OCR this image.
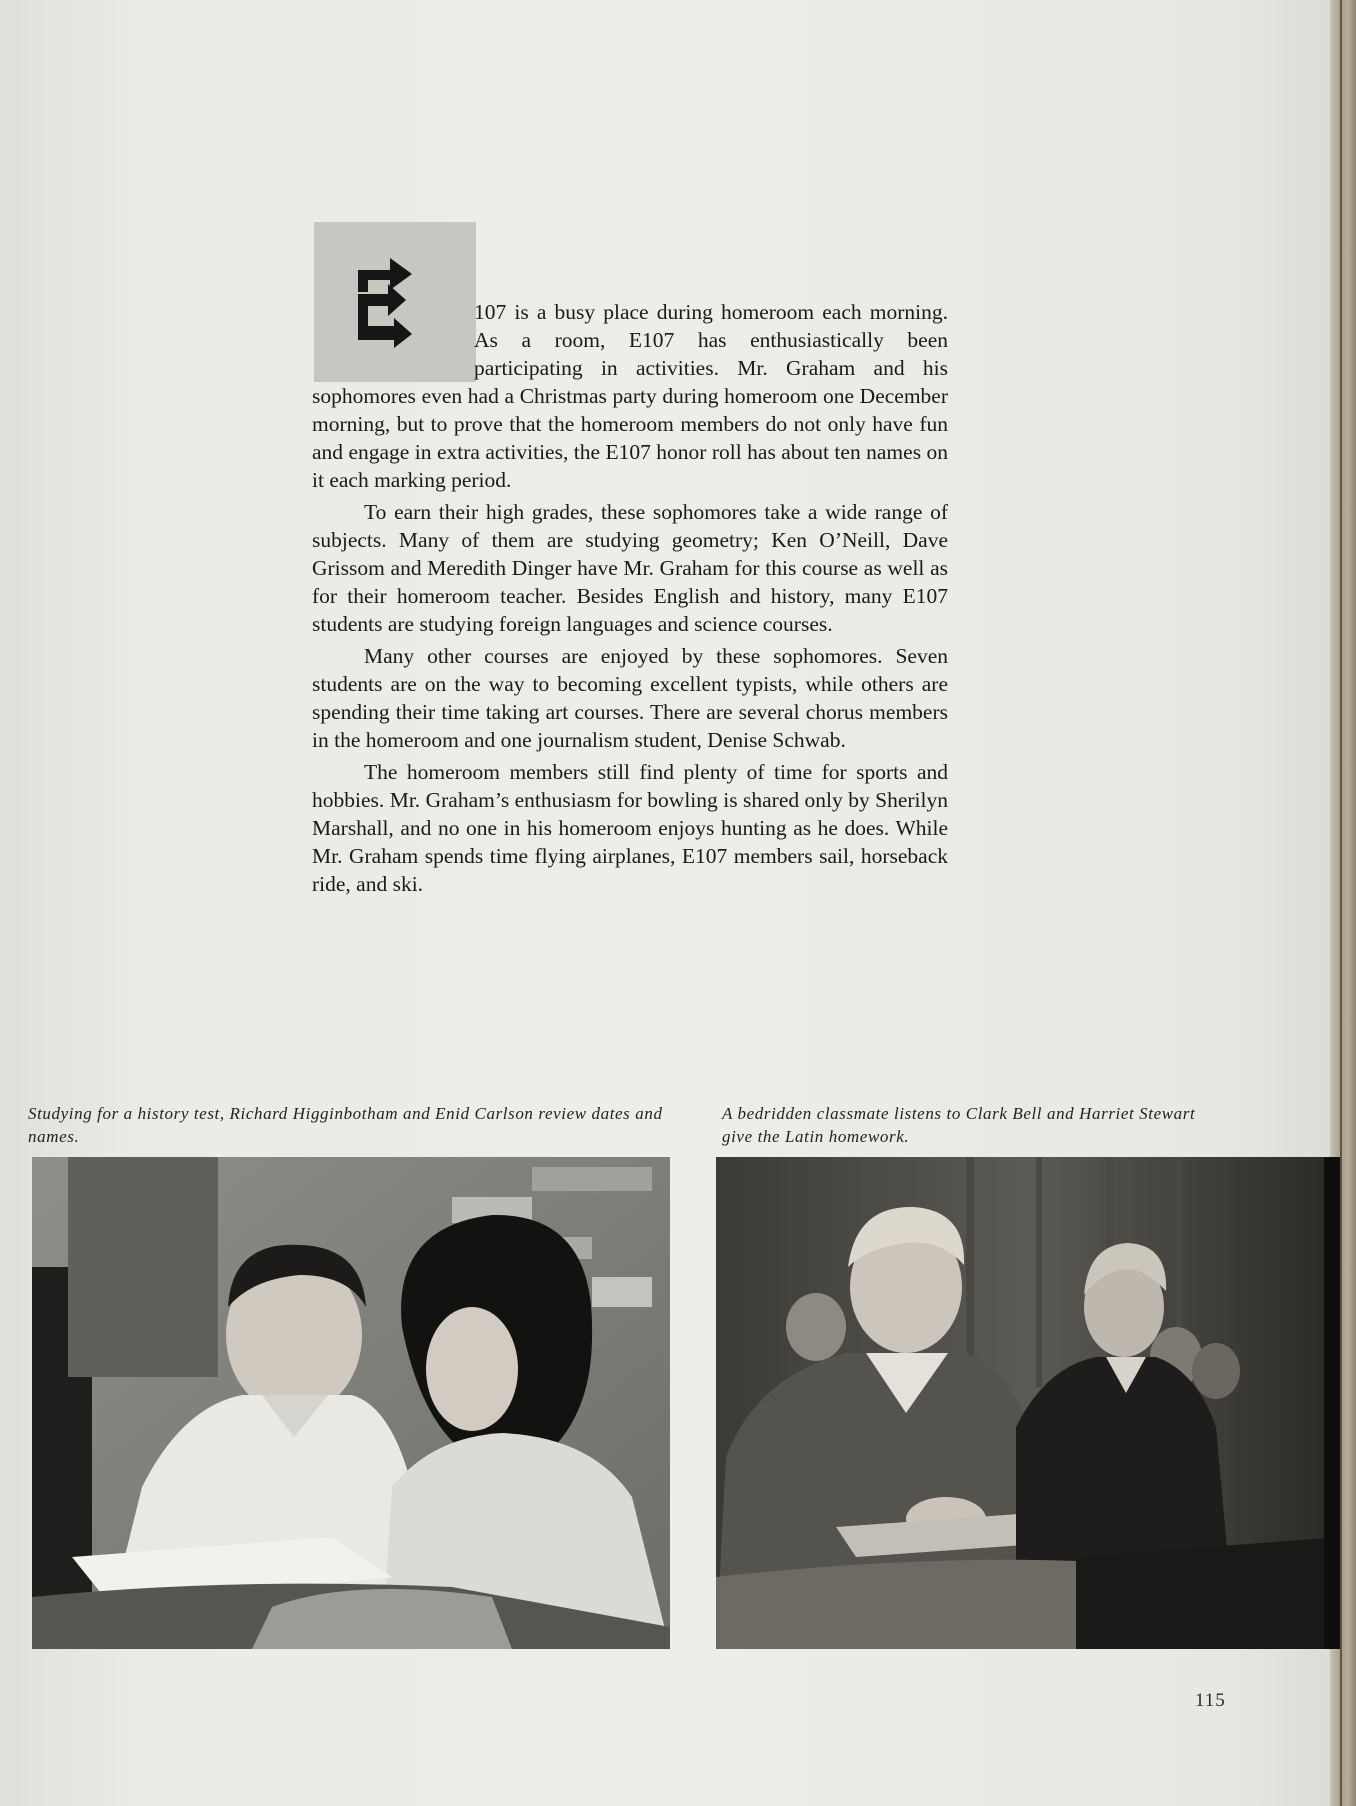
107 is a busy place during homeroom each morning. As a room, E107 has enthusiastically been participating in activities. Mr. Graham and his sophomores even had a Christmas party during homeroom one December morning, but to prove that the homeroom members do not only have fun and engage in extra activities, the E107 honor roll has about ten names on it each marking period.

To earn their high grades, these sophomores take a wide range of subjects. Many of them are studying geometry; Ken O’Neill, Dave Grissom and Meredith Dinger have Mr. Graham for this course as well as for their homeroom teacher. Besides English and history, many E107 students are studying foreign languages and science courses.

Many other courses are enjoyed by these sophomores. Seven students are on the way to becoming excellent typists, while others are spending their time taking art courses. There are several chorus members in the homeroom and one journalism student, Denise Schwab.

The homeroom members still find plenty of time for sports and hobbies. Mr. Graham’s enthusiasm for bowling is shared only by Sherilyn Marshall, and no one in his homeroom enjoys hunting as he does. While Mr. Graham spends time flying airplanes, E107 members sail, horseback ride, and ski.

Studying for a history test, Richard Higginbotham and Enid Carlson review dates and names.
A bedridden classmate listens to Clark Bell and Harriet Stewart give the Latin homework.
115
